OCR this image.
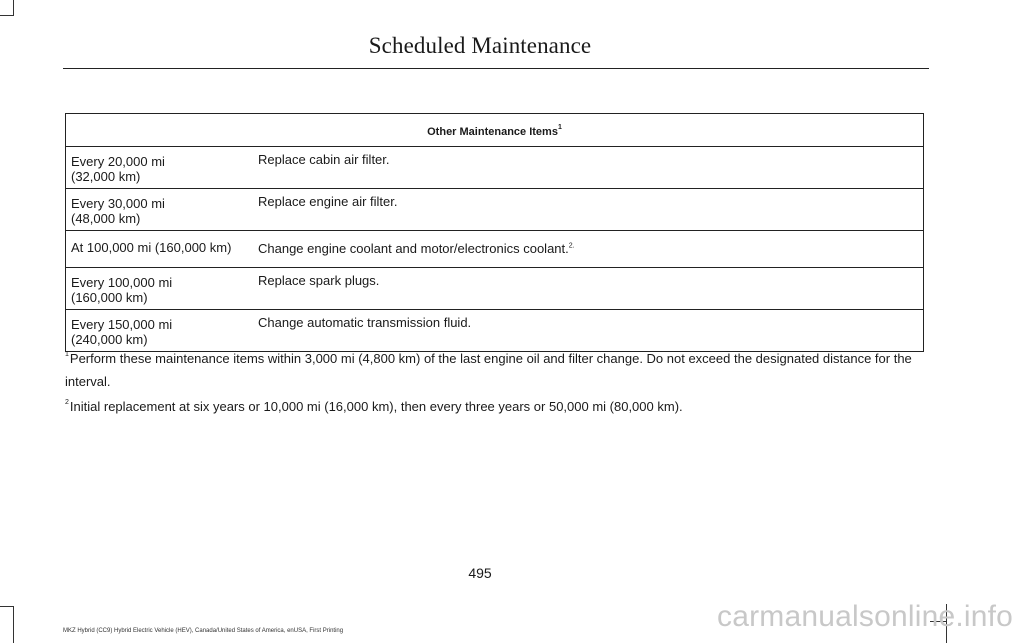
Scheduled Maintenance
Other Maintenance Items$^1$

Every 20,000 mi
(32,000 km)	Replace cabin air filter.

Every 30,000 mi
(48,000 km)	Replace engine air filter.

At 100,000 mi (160,000 km)	Change engine coolant and motor/electronics coolant.$^{2.}$

Every 100,000 mi
(160,000 km)	Replace spark plugs.

Every 150,000 mi
(240,000 km)	Change automatic transmission fluid.

$^1$Perform these maintenance items within 3,000 mi (4,800 km) of the last engine oil and filter change. Do not exceed the designated distance for the interval.

$^2$Initial replacement at six years or 10,000 mi (16,000 km), then every three years or 50,000 mi (80,000 km).

495
MKZ Hybrid (CC9) Hybrid Electric Vehicle (HEV), Canada/United States of America, enUSA, First Printing	carmanualsonline.info
